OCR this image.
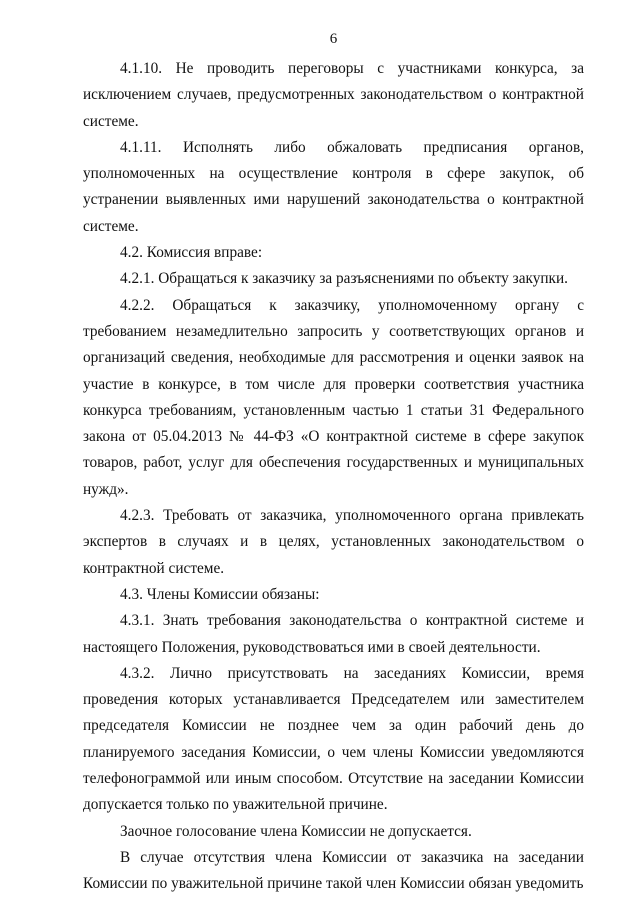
6

4.1.10. Не проводить переговоры с участниками конкурса, за исключением случаев, предусмотренных законодательством о контрактной системе.

4.1.11. Исполнять либо обжаловать предписания органов, уполномоченных на осуществление контроля в сфере закупок, об устранении выявленных ими нарушений законодательства о контрактной системе.

4.2. Комиссия вправе:

4.2.1. Обращаться к заказчику за разъяснениями по объекту закупки.

4.2.2. Обращаться к заказчику, уполномоченному органу с требованием незамедлительно запросить у соответствующих органов и организаций сведения, необходимые для рассмотрения и оценки заявок на участие в конкурсе, в том числе для проверки соответствия участника конкурса требованиям, установленным частью 1 статьи 31 Федерального закона от 05.04.2013 № 44-ФЗ «О контрактной системе в сфере закупок товаров, работ, услуг для обеспечения государственных и муниципальных нужд».

4.2.3. Требовать от заказчика, уполномоченного органа привлекать экспертов в случаях и в целях, установленных законодательством о контрактной системе.

4.3. Члены Комиссии обязаны:

4.3.1. Знать требования законодательства о контрактной системе и настоящего Положения, руководствоваться ими в своей деятельности.

4.3.2. Лично присутствовать на заседаниях Комиссии, время проведения которых устанавливается Председателем или заместителем председателя Комиссии не позднее чем за один рабочий день до планируемого заседания Комиссии, о чем члены Комиссии уведомляются телефонограммой или иным способом. Отсутствие на заседании Комиссии допускается только по уважительной причине.

Заочное голосование члена Комиссии не допускается.

В случае отсутствия члена Комиссии от заказчика на заседании Комиссии по уважительной причине такой член Комиссии обязан уведомить
